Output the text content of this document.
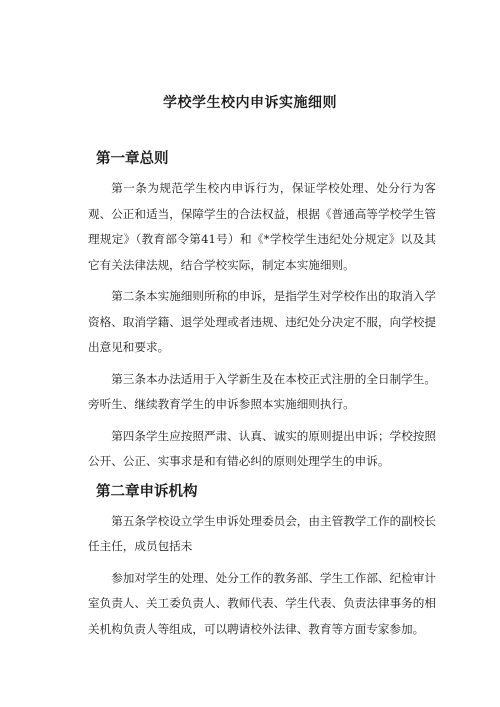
学校学生校内申诉实施细则
第一章总则

第一条为规范学生校内申诉行为，保证学校处理、处分行为客观、公正和适当，保障学生的合法权益，根据《普通高等学校学生管理规定》（教育部令第41号）和《*学校学生违纪处分规定》以及其它有关法律法规，结合学校实际，制定本实施细则。

第二条本实施细则所称的申诉，是指学生对学校作出的取消入学资格、取消学籍、退学处理或者违规、违纪处分决定不服，向学校提出意见和要求。

第三条本办法适用于入学新生及在本校正式注册的全日制学生。旁听生、继续教育学生的申诉参照本实施细则执行。

第四条学生应按照严肃、认真、诚实的原则提出申诉；学校按照公开、公正、实事求是和有错必纠的原则处理学生的申诉。

第二章申诉机构

第五条学校设立学生申诉处理委员会，由主管教学工作的副校长任主任，成员包括未

参加对学生的处理、处分工作的教务部、学生工作部、纪检审计室负责人、关工委负责人、教师代表、学生代表、负责法律事务的相关机构负责人等组成，可以聘请校外法律、教育等方面专家参加。
